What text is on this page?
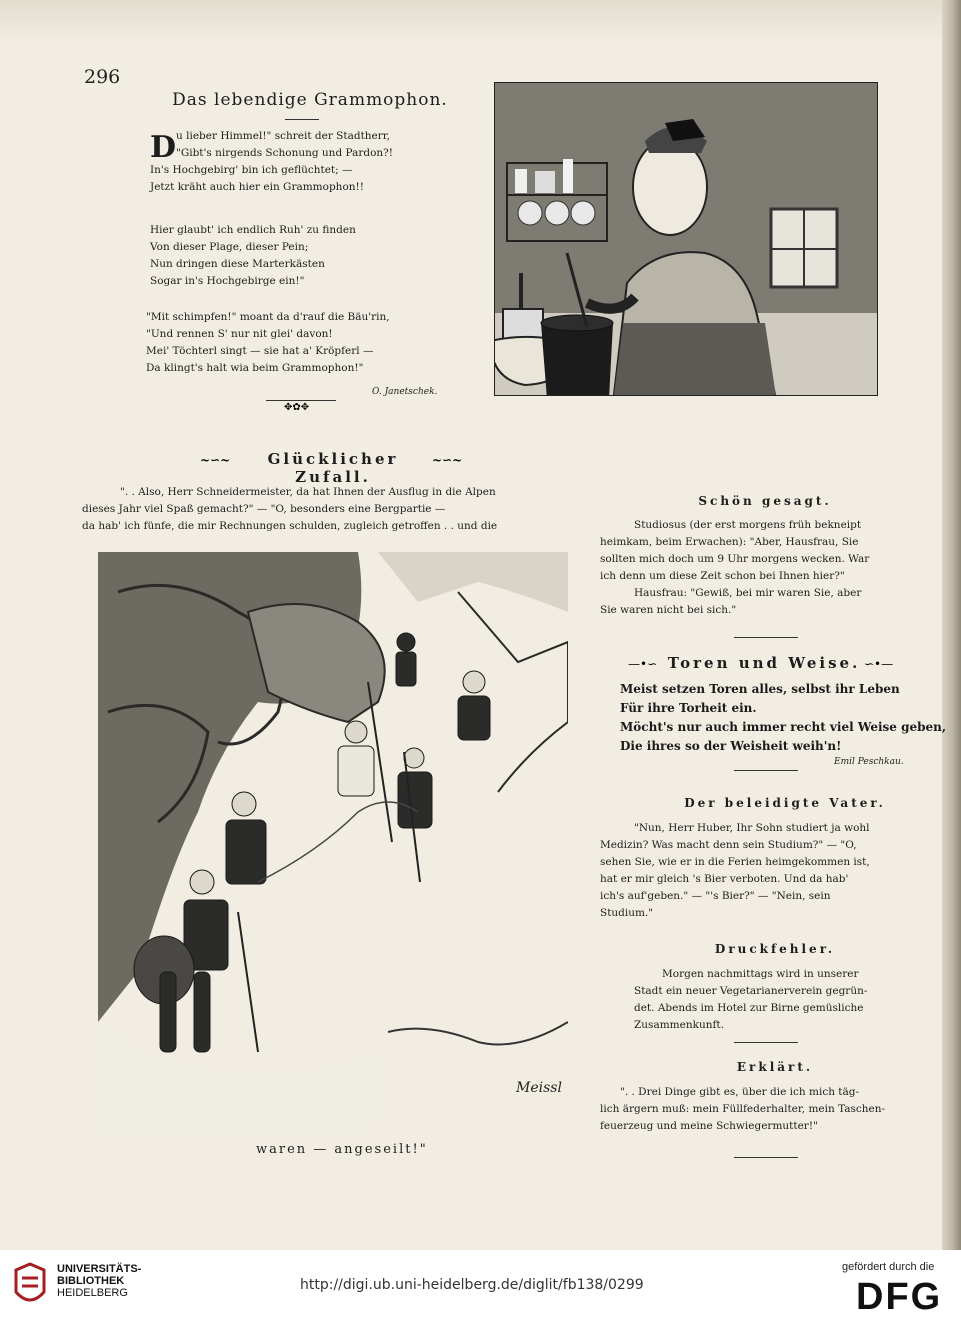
296
Das lebendige Grammophon.
D u lieber Himmel!" schreit der Stadtherr,
"Gibt's nirgends Schonung und Pardon?!
In's Hochgebirg' bin ich geflüchtet; —
Jetzt kräht auch hier ein Grammophon!!
Hier glaubt' ich endlich Ruh' zu finden
Von dieser Plage, dieser Pein;
Nun dringen diese Marterkästen
Sogar in's Hochgebirge ein!"
"Mit schimpfen!" moant da d'rauf die Bäu'rin,
"Und rennen S' nur nit glei' davon!
Mei' Töchterl singt — sie hat a' Kröpferl —
Da klingt's halt wia beim Grammophon!"
O. Janetschek.
✥✿✥
~∽~	Glücklicher Zufall.
~∽~
". . Also, Herr Schneidermeister, da hat Ihnen der Ausflug in die Alpen
dieses Jahr viel Spaß gemacht?" — "O, besonders eine Bergpartie —
da hab' ich fünfe, die mir Rechnungen schulden, zugleich getroffen . . und die
Meissl
waren — angeseilt!"
Schön gesagt.
Studiosus (der erst morgens früh bekneipt
heimkam, beim Erwachen): "Aber, Hausfrau, Sie
sollten mich doch um 9 Uhr morgens wecken. War
ich denn um diese Zeit schon bei Ihnen hier?"
Hausfrau: "Gewiß, bei mir waren Sie, aber
Sie waren nicht bei sich."
—•∽ Toren und Weise. ∽•—
Meist setzen Toren alles, selbst ihr Leben
Für ihre Torheit ein.
Möcht's nur auch immer recht viel Weise geben,
Die ihres so der Weisheit weih'n!
Emil Peschkau.
Der beleidigte Vater.
"Nun, Herr Huber, Ihr Sohn studiert ja wohl
Medizin? Was macht denn sein Studium?" — "O,
sehen Sie, wie er in die Ferien heimgekommen ist,
hat er mir gleich 's Bier verboten. Und da hab'
ich's auf'geben." — "'s Bier?" — "Nein, sein
Studium."
Druckfehler.
Morgen nachmittags wird in unserer
Stadt ein neuer Vegetarianerverein gegrün-
det. Abends im Hotel zur Birne gemüsliche
Zusammenkunft.
Erklärt.
". . Drei Dinge gibt es, über die ich mich täg-
lich ärgern muß: mein Füllfederhalter, mein Taschen-
feuerzeug und meine Schwiegermutter!"
UNIVERSITÄTS-
BIBLIOTHEK
HEIDELBERG	http://digi.ub.uni-heidelberg.de/diglit/fb138/0299
gefördert durch die
DFG
